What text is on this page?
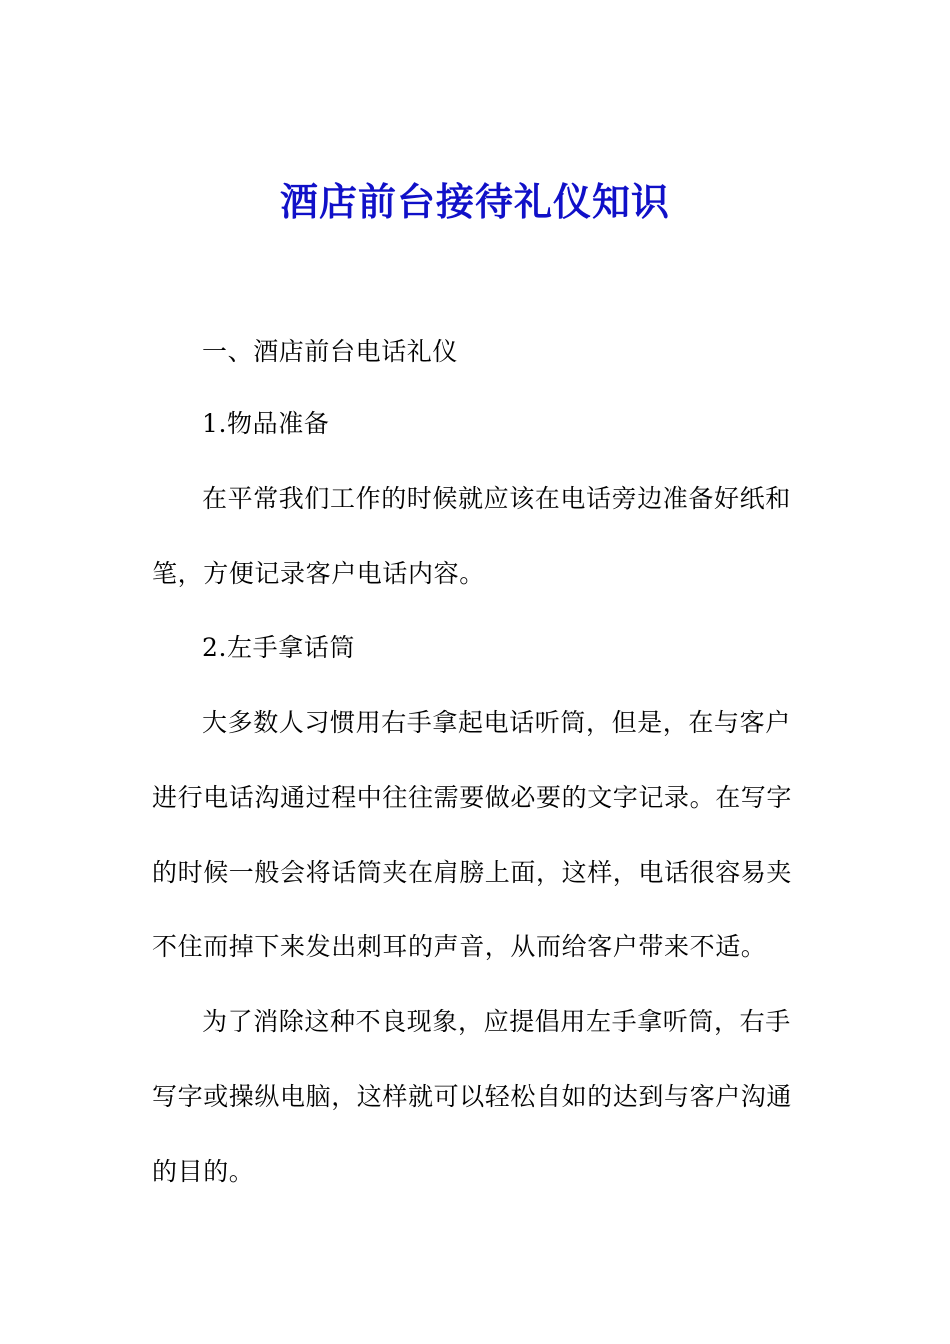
酒店前台接待礼仪知识
一、酒店前台电话礼仪
1.物品准备
在平常我们工作的时候就应该在电话旁边准备好纸和
笔，方便记录客户电话内容。
2.左手拿话筒
大多数人习惯用右手拿起电话听筒，但是，在与客户
进行电话沟通过程中往往需要做必要的文字记录。在写字
的时候一般会将话筒夹在肩膀上面，这样，电话很容易夹
不住而掉下来发出刺耳的声音，从而给客户带来不适。
为了消除这种不良现象，应提倡用左手拿听筒，右手
写字或操纵电脑，这样就可以轻松自如的达到与客户沟通
的目的。
